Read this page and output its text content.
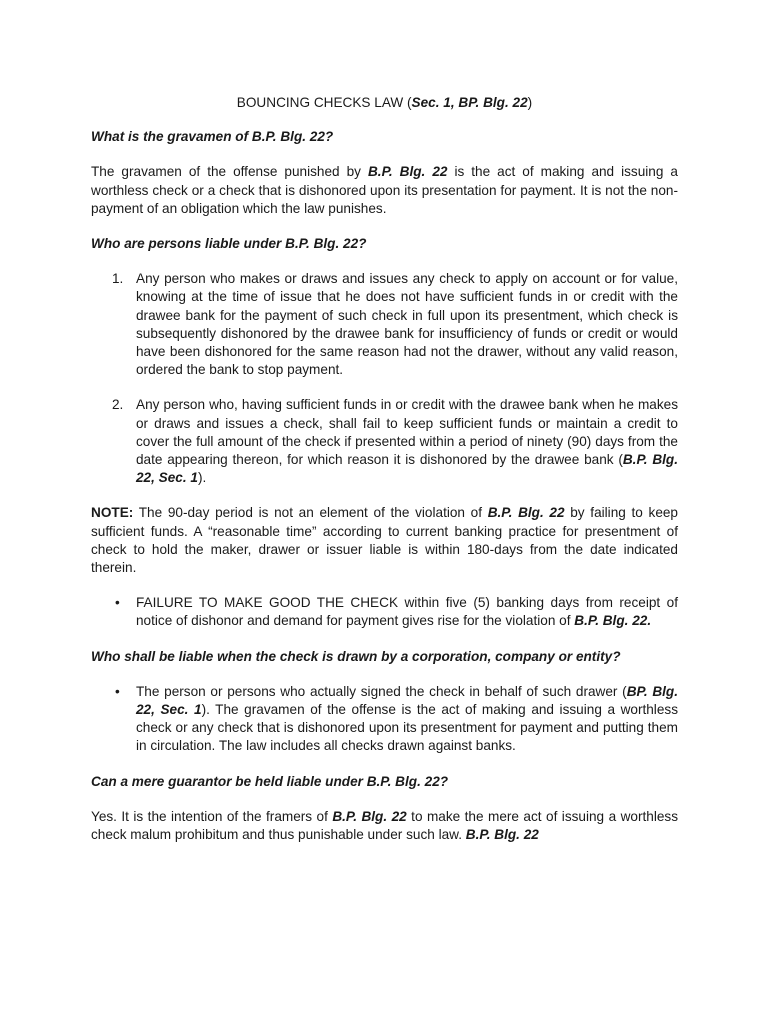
BOUNCING CHECKS LAW (Sec. 1, BP. Blg. 22)
What is the gravamen of B.P. Blg. 22?
The gravamen of the offense punished by B.P. Blg. 22 is the act of making and issuing a worthless check or a check that is dishonored upon its presentation for payment. It is not the non-payment of an obligation which the law punishes.
Who are persons liable under B.P. Blg. 22?
1. Any person who makes or draws and issues any check to apply on account or for value, knowing at the time of issue that he does not have sufficient funds in or credit with the drawee bank for the payment of such check in full upon its presentment, which check is subsequently dishonored by the drawee bank for insufficiency of funds or credit or would have been dishonored for the same reason had not the drawer, without any valid reason, ordered the bank to stop payment.
2. Any person who, having sufficient funds in or credit with the drawee bank when he makes or draws and issues a check, shall fail to keep sufficient funds or maintain a credit to cover the full amount of the check if presented within a period of ninety (90) days from the date appearing thereon, for which reason it is dishonored by the drawee bank (B.P. Blg. 22, Sec. 1).
NOTE: The 90-day period is not an element of the violation of B.P. Blg. 22 by failing to keep sufficient funds. A “reasonable time” according to current banking practice for presentment of check to hold the maker, drawer or issuer liable is within 180-days from the date indicated therein.
• FAILURE TO MAKE GOOD THE CHECK within five (5) banking days from receipt of notice of dishonor and demand for payment gives rise for the violation of B.P. Blg. 22.
Who shall be liable when the check is drawn by a corporation, company or entity?
• The person or persons who actually signed the check in behalf of such drawer (BP. Blg. 22, Sec. 1). The gravamen of the offense is the act of making and issuing a worthless check or any check that is dishonored upon its presentment for payment and putting them in circulation. The law includes all checks drawn against banks.
Can a mere guarantor be held liable under B.P. Blg. 22?
Yes. It is the intention of the framers of B.P. Blg. 22 to make the mere act of issuing a worthless check malum prohibitum and thus punishable under such law. B.P. Blg. 22
